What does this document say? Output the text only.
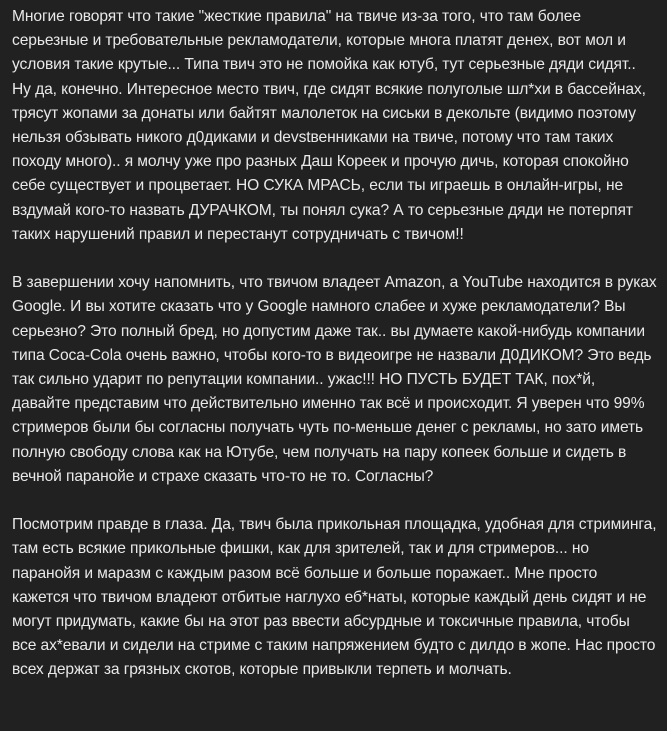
Многие говорят что такие "жесткие правила" на твиче из-за того, что там более серьезные и требовательные рекламодатели, которые многа платят денех, вот мол и условия такие крутые... Типа твич это не помойка как ютуб, тут серьезные дяди сидят.. Ну да, конечно. Интересное место твич, где сидят всякие полуголые шл*хи в бассейнах, трясут жопами за донаты или байтят малолеток на сиськи в декольте (видимо поэтому нельзя обзывать никого д0диками и devstвенниками на твиче, потому что там таких походу много).. я молчу уже про разных Даш Кореек и прочую дичь, которая спокойно себе существует и процветает. НО СУКА МРАСЬ, если ты играешь в онлайн-игры, не вздумай кого-то назвать ДУРАЧКОМ, ты понял сука? А то серьезные дяди не потерпят таких нарушений правил и перестанут сотрудничать с твичом!!

В завершении хочу напомнить, что твичом владеет Amazon, а YouTube находится в руках Google. И вы хотите сказать что у Google намного слабее и хуже рекламодатели? Вы серьезно? Это полный бред, но допустим даже так.. вы думаете какой-нибудь компании типа Coca-Cola очень важно, чтобы кого-то в видеоигре не назвали Д0ДИКОМ? Это ведь так сильно ударит по репутации компании.. ужас!!! НО ПУСТЬ БУДЕТ ТАК, пох*й, давайте представим что действительно именно так всё и происходит. Я уверен что 99% стримеров были бы согласны получать чуть по-меньше денег с рекламы, но зато иметь полную свободу слова как на Ютубе, чем получать на пару копеек больше и сидеть в вечной паранойе и страхе сказать что-то не то. Согласны?

Посмотрим правде в глаза. Да, твич была прикольная площадка, удобная для стриминга, там есть всякие прикольные фишки, как для зрителей, так и для стримеров... но паранойя и маразм с каждым разом всё больше и больше поражает.. Мне просто кажется что твичом владеют отбитые наглухо еб*наты, которые каждый день сидят и не могут придумать, какие бы на этот раз ввести абсурдные и токсичные правила, чтобы все ах*евали и сидели на стриме с таким напряжением будто с дилдо в жопе. Нас просто всех держат за грязных скотов, которые привыкли терпеть и молчать.
